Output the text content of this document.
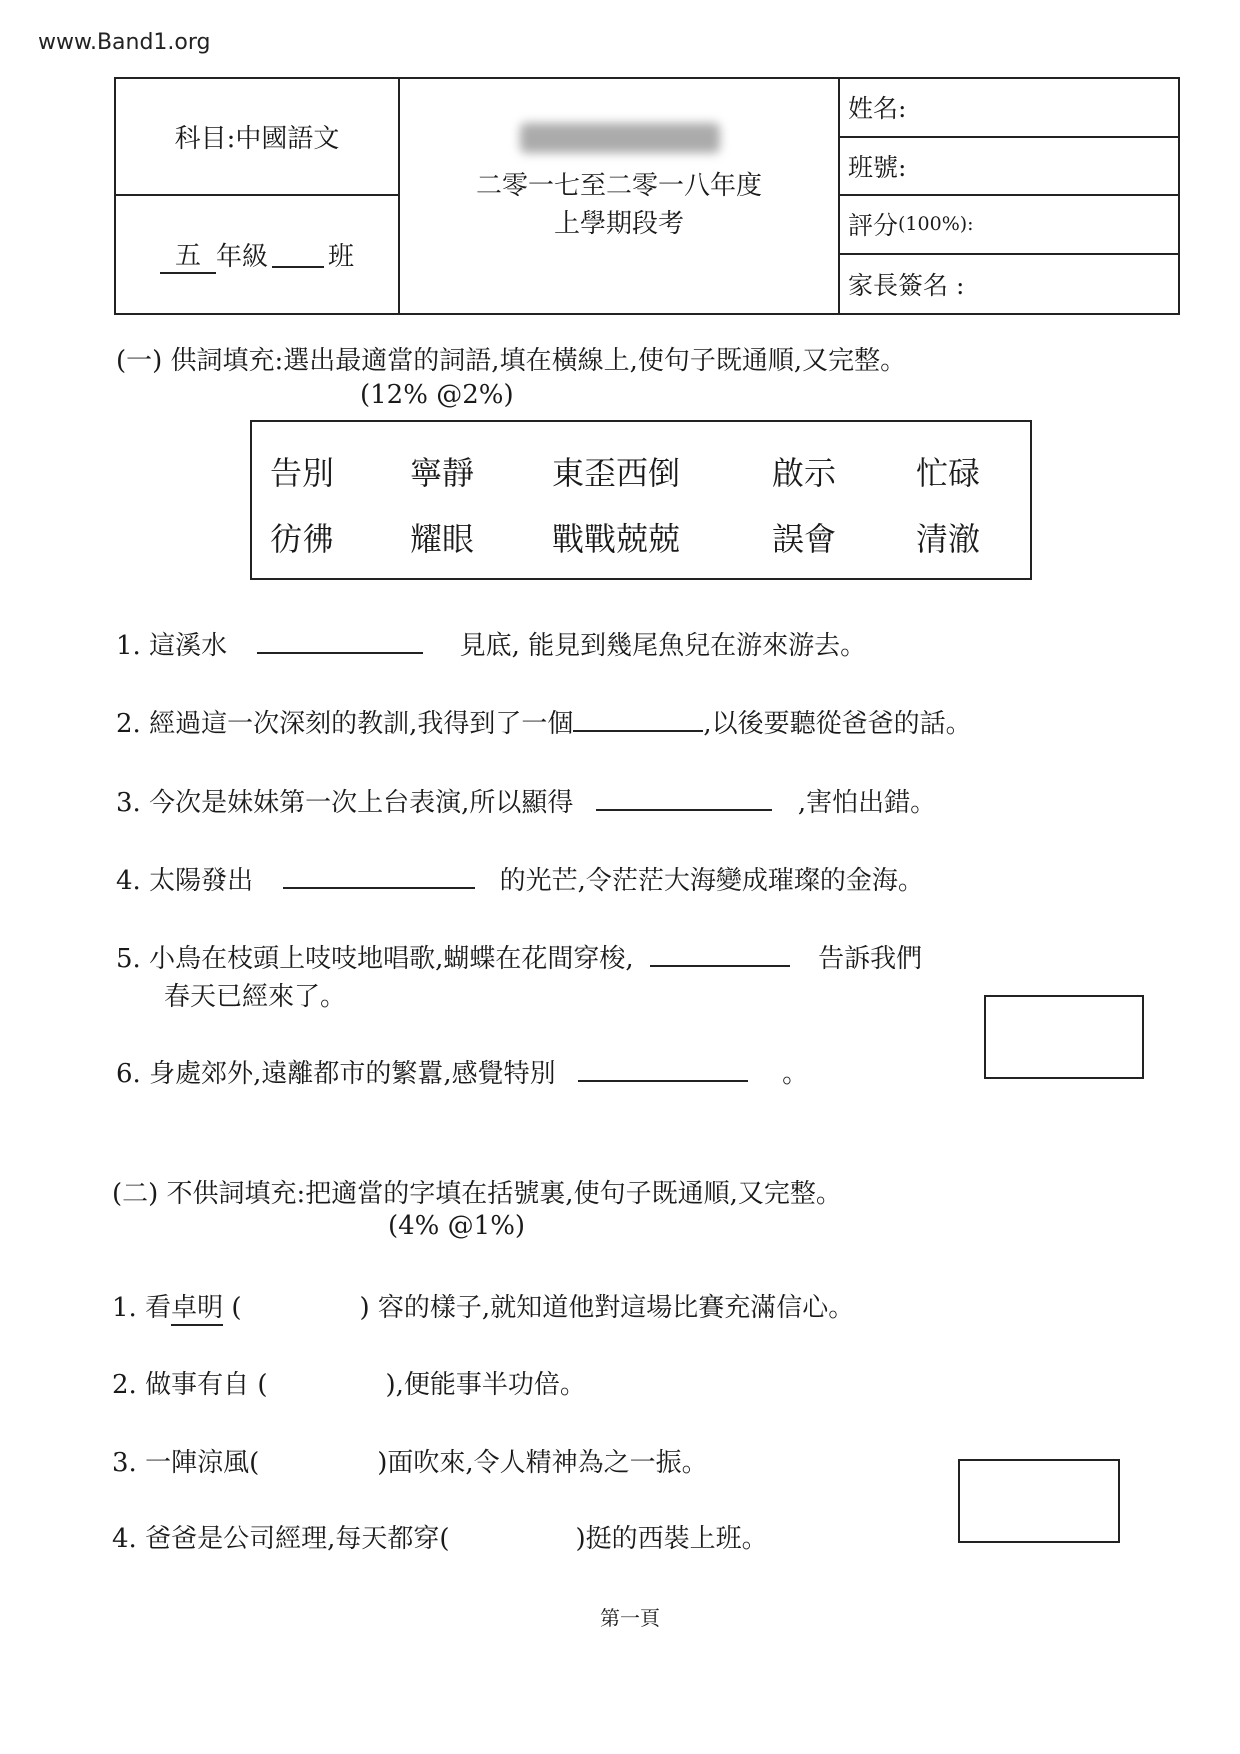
www.Band1.org
科目:中國語文
五 年級 班
二零一七至二零一八年度
上學期段考
姓名:
班號:
評分 (100%):
家長簽名 :
(一) 供詞填充:選出最適當的詞語,填在橫線上,使句子既通順,又完整。
(12% @2%)
告別 寧靜 東歪西倒	啟示 忙碌
彷彿 耀眼 戰戰兢兢	誤會 清澈
1. 這溪水	見底, 能見到幾尾魚兒在游來游去。
2. 經過這一次深刻的教訓,我得到了一個	,以後要聽從爸爸的話。
3. 今次是妹妹第一次上台表演,所以顯得	,害怕出錯。
4. 太陽發出	的光芒,令茫茫大海變成璀璨的金海。
5. 小鳥在枝頭上吱吱地唱歌,蝴蝶在花間穿梭,	告訴我們
春天已經來了。
6. 身處郊外,遠離都市的繁囂,感覺特別	。
(二) 不供詞填充:把適當的字填在括號裏,使句子既通順,又完整。
(4% @1%)
1. 看卓明 (	) 容的樣子,就知道他對這場比賽充滿信心。
2. 做事有自 (	),便能事半功倍。
3. 一陣涼風(	)面吹來,令人精神為之一振。
4. 爸爸是公司經理,每天都穿(	)挺的西裝上班。
第一頁
